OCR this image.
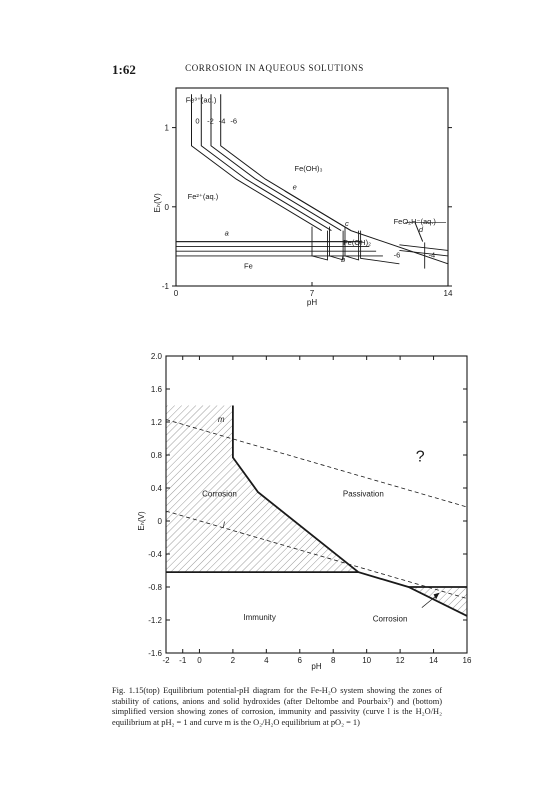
1:62	CORROSION IN AQUEOUS SOLUTIONS
0	7	14
1
0
-1
pH
Eₕ(V)
Fe³⁺(aq.)
Fe²⁺(aq.)
Fe(OH)₃
Fe(OH)₂
Fe
FeO₂H⁻(aq.)
0 -2 -4 -6
a
b
c
d
e
-6	-4
-2 -1 0	2	4	6	8	10	12	14	16
2.0
1.6
1.2
0.8
0.4
0
-0.4
-0.8
-1.2
-1.6
pH
Eₕ(V)
Corrosion	Passivation
Immunity	Corrosion
?
m
l
Fig. 1.15(top) Equilibrium potential-pH diagram for the Fe-H₂O system showing the zones of stability of cations, anions and solid hydroxides (after Deltombe and Pourbaix⁷) and (bottom) simplified version showing zones of corrosion, immunity and passivity (curve l is the H₂O/H₂ equilibrium at pH₂ = 1 and curve m is the O₂/H₂O equilibrium at pO₂ = 1)
